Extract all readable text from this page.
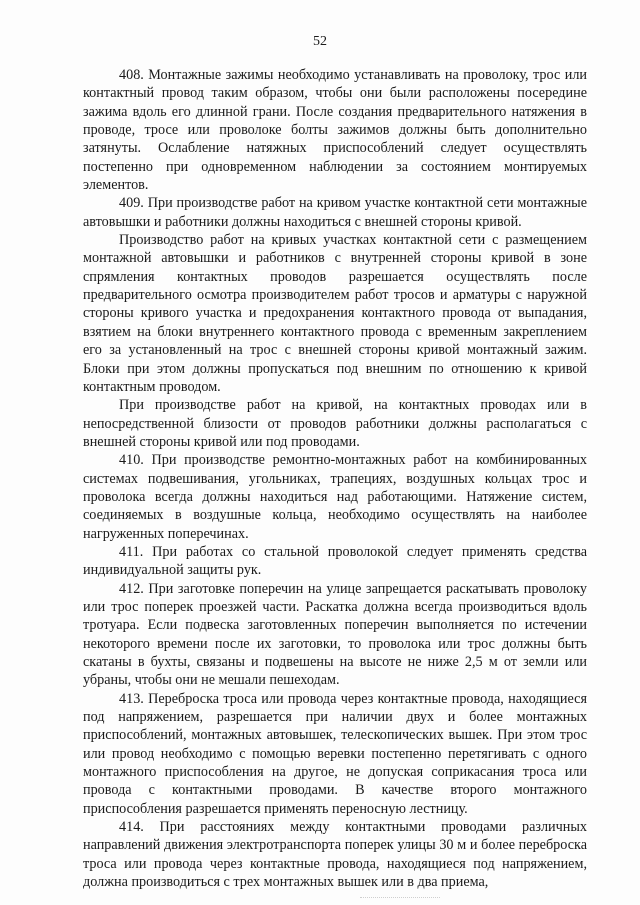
52

408. Монтажные зажимы необходимо устанавливать на проволоку, трос или контактный провод таким образом, чтобы они были расположены посередине зажима вдоль его длинной грани. После создания предварительного натяжения в проводе, тросе или проволоке болты зажимов должны быть дополнительно затянуты. Ослабление натяжных приспособлений следует осуществлять постепенно при одновременном наблюдении за состоянием монтируемых элементов.

409. При производстве работ на кривом участке контактной сети монтажные автовышки и работники должны находиться с внешней стороны кривой.

Производство работ на кривых участках контактной сети с размещением монтажной автовышки и работников с внутренней стороны кривой в зоне спрямления контактных проводов разрешается осуществлять после предварительного осмотра производителем работ тросов и арматуры с наружной стороны кривого участка и предохранения контактного провода от выпадания, взятием на блоки внутреннего контактного провода с временным закреплением его за установленный на трос с внешней стороны кривой монтажный зажим. Блоки при этом должны пропускаться под внешним по отношению к кривой контактным проводом.

При производстве работ на кривой, на контактных проводах или в непосредственной близости от проводов работники должны располагаться с внешней стороны кривой или под проводами.

410. При производстве ремонтно-монтажных работ на комбинированных системах подвешивания, угольниках, трапециях, воздушных кольцах трос и проволока всегда должны находиться над работающими. Натяжение систем, соединяемых в воздушные кольца, необходимо осуществлять на наиболее нагруженных поперечинах.

411. При работах со стальной проволокой следует применять средства индивидуальной защиты рук.

412. При заготовке поперечин на улице запрещается раскатывать проволоку или трос поперек проезжей части. Раскатка должна всегда производиться вдоль тротуара. Если подвеска заготовленных поперечин выполняется по истечении некоторого времени после их заготовки, то проволока или трос должны быть скатаны в бухты, связаны и подвешены на высоте не ниже 2,5 м от земли или убраны, чтобы они не мешали пешеходам.

413. Переброска троса или провода через контактные провода, находящиеся под напряжением, разрешается при наличии двух и более монтажных приспособлений, монтажных автовышек, телескопических вышек. При этом трос или провод необходимо с помощью веревки постепенно перетягивать с одного монтажного приспособления на другое, не допуская соприкасания троса или провода с контактными проводами. В качестве второго монтажного приспособления разрешается применять переносную лестницу.

414. При расстояниях между контактными проводами различных направлений движения электротранспорта поперек улицы 30 м и более переброска троса или провода через контактные провода, находящиеся под напряжением, должна производиться с трех монтажных вышек или в два приема,
